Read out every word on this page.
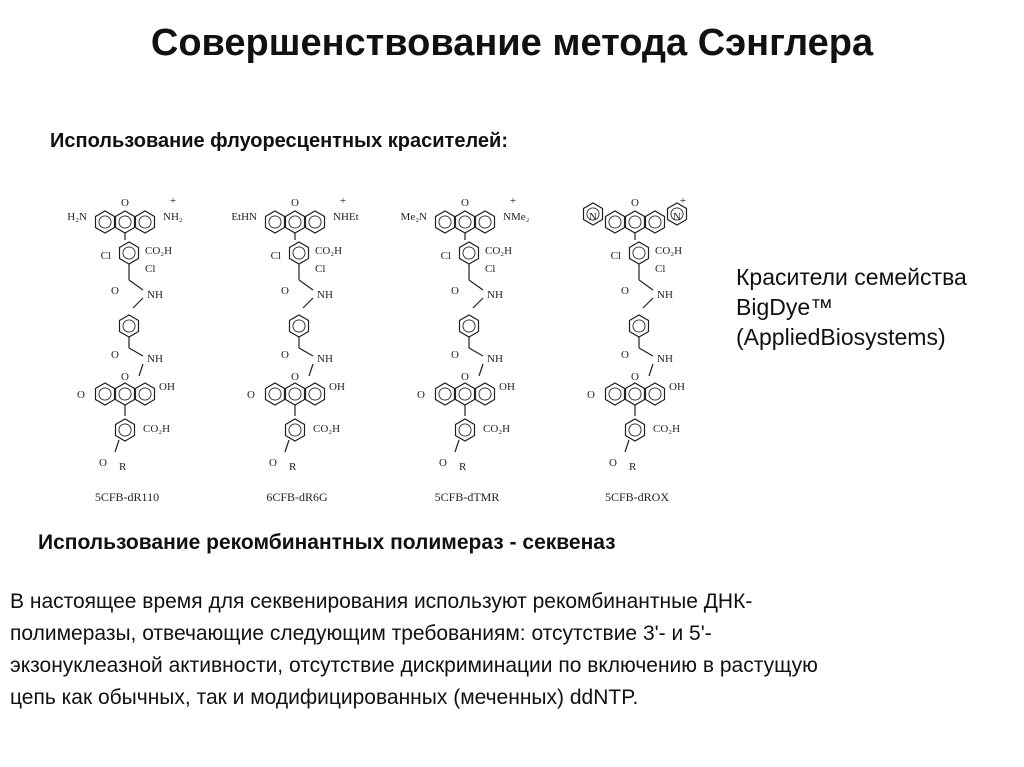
Совершенствование метода Сэнглера
Использование флуоресцентных красителей:
O
H₂N	NH₂
+
Cl	CO₂H
Cl
O	NH
O	NH
O
O
OH
CO₂H
O R
5CFB-dR110
O
EtHN	NHEt
+
Cl	CO₂H
Cl
O	NH
O	NH
O
O
OH
CO₂H
O R
6CFB-dR6G
O
Me₂N	NMe₂
+
Cl	CO₂H
Cl
O	NH
O	NH
O
O
OH
CO₂H
O R
5CFB-dTMR
O
N	N
+
Cl	CO₂H
Cl
O	NH
O	NH
O
O
OH
CO₂H
O R
5CFB-dROX
Красители семейства
BigDye™
(AppliedBiosystems)
Использование рекомбинантных полимераз - секвеназ
В настоящее время для секвенирования используют рекомбинантные ДНК-
полимеразы, отвечающие следующим требованиям: отсутствие 3'- и 5'-
экзонуклеазной активности, отсутствие дискриминации по включению в растущую
цепь как обычных, так и модифицированных (меченных) ddNTP.
